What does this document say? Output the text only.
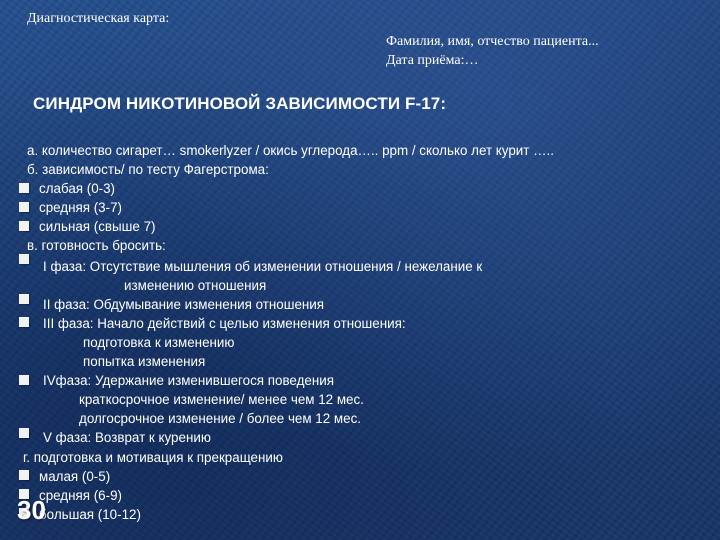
Диагностическая карта:
Фамилия, имя, отчество пациента...
Дата приёма:…
СИНДРОМ НИКОТИНОВОЙ ЗАВИСИМОСТИ F-17:
а. количество сигарет… smokerlyzer / окись углерода….. ppm / сколько лет курит …..
б. зависимость/ по тесту Фагерстрома:
слабая (0-3)
средняя (3-7)
сильная (свыше 7)
в. готовность бросить:
I фаза: Отсутствие мышления об изменении отношения / нежелание к
изменению отношения
II фаза: Обдумывание изменения отношения
III фаза: Начало действий с целью изменения отношения:
подготовка к изменению
попытка изменения
IVфаза: Удержание изменившегося поведения
краткосрочное изменение/ менее чем 12 мес.
долгосрочное изменение / более чем 12 мес.
V фаза: Возврат к курению
г. подготовка и мотивация к прекращению
малая (0-5)
средняя (6-9)
большая (10-12)
30
